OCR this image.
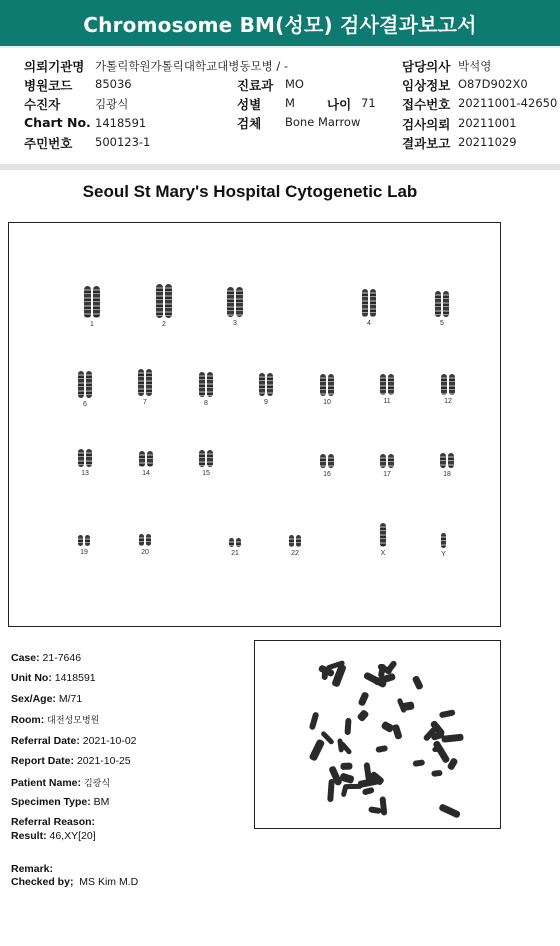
Chromosome BM(성모) 검사결과보고서
의뢰기관명 가톨릭학원가톨릭대학교대병동모병 / -
병원코드 85036
수진자	김광식
Chart No. 1418591
주민번호 500123-1
진료과 MO
성별 M	나이 71
검체 Bone Marrow
담당의사 박석영
임상정보 O87D902X0
접수번호 20211001-42650
검사의뢰 20211001
결과보고 20211029
Seoul St Mary's Hospital Cytogenetic Lab
1	2	3	4	5
6	7	8	9	10	11	12
13	14	15	16	17	18
19	20	21	22	X	Y
Case: 21-7646
Unit No: 1418591
Sex/Age: M/71
Room: 대전성모병원
Referral Date: 2021-10-02
Report Date: 2021-10-25
Patient Name: 김광식
Specimen Type: BM
Referral Reason:
Result: 46,XY[20]
Remark:
Checked by; MS Kim M.D
